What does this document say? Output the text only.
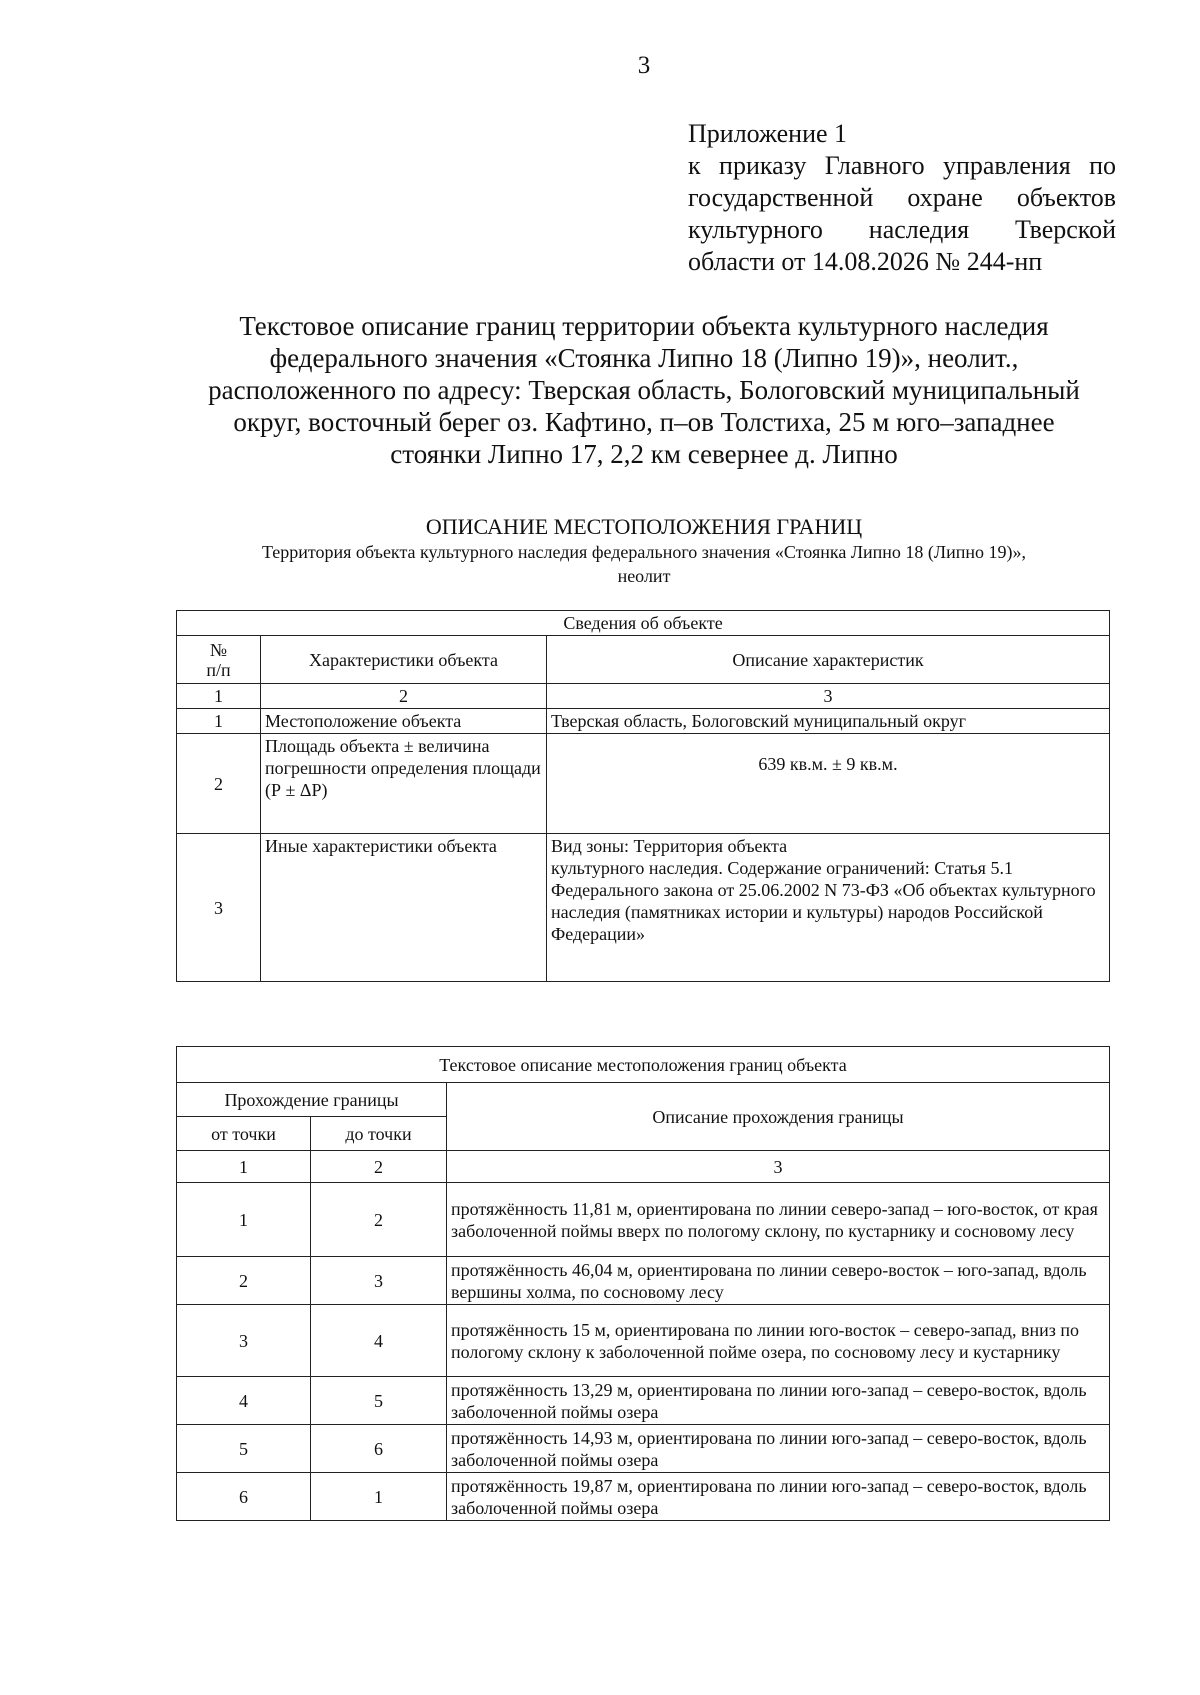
3
Приложение 1
к приказу Главного управления по
государственной охране объектов
культурного наследия Тверской
области от 14.08.2026 № 244-нп
Текстовое описание границ территории объекта культурного наследия
федерального значения «Стоянка Липно 18 (Липно 19)», неолит.,
расположенного по адресу: Тверская область, Бологовский муниципальный
округ, восточный берег оз. Кафтино, п–ов Толстиха, 25 м юго–западнее
стоянки Липно 17, 2,2 км севернее д. Липно
ОПИСАНИЕ МЕСТОПОЛОЖЕНИЯ ГРАНИЦ
Территория объекта культурного наследия федерального значения «Стоянка Липно 18 (Липно 19)»,
неолит
Сведения об объекте		
№
п/п	Характеристики объекта	Описание характеристик
1	2	3
1	Местоположение объекта	Тверская область, Бологовский муниципальный округ
2	Площадь объекта ± величина погрешности определения площади (Р ± ΔР)	639 кв.м. ± 9 кв.м.
3	Иные характеристики объекта	Вид зоны: Территория объекта
культурного наследия. Содержание ограничений: Статья 5.1 Федерального закона от 25.06.2002 N 73-ФЗ «Об объектах культурного наследия (памятниках истории и культуры) народов Российской Федерации»
Текстовое описание местоположения границ объекта		
Прохождение границы		Описание прохождения границы
от точки	до точки	
1	2	3
1	2	протяжённость 11,81 м, ориентирована по линии северо-запад – юго-восток, от края заболоченной поймы вверх по пологому склону, по кустарнику и сосновому лесу
2	3	протяжённость 46,04 м, ориентирована по линии северо-восток – юго-запад, вдоль вершины холма, по сосновому лесу
3	4	протяжённость 15 м, ориентирована по линии юго-восток – северо-запад, вниз по пологому склону к заболоченной пойме озера, по сосновому лесу и кустарнику
4	5	протяжённость 13,29 м, ориентирована по линии юго-запад – северо-восток, вдоль заболоченной поймы озера
5	6	протяжённость 14,93 м, ориентирована по линии юго-запад – северо-восток, вдоль заболоченной поймы озера
6	1	протяжённость 19,87 м, ориентирована по линии юго-запад – северо-восток, вдоль заболоченной поймы озера
